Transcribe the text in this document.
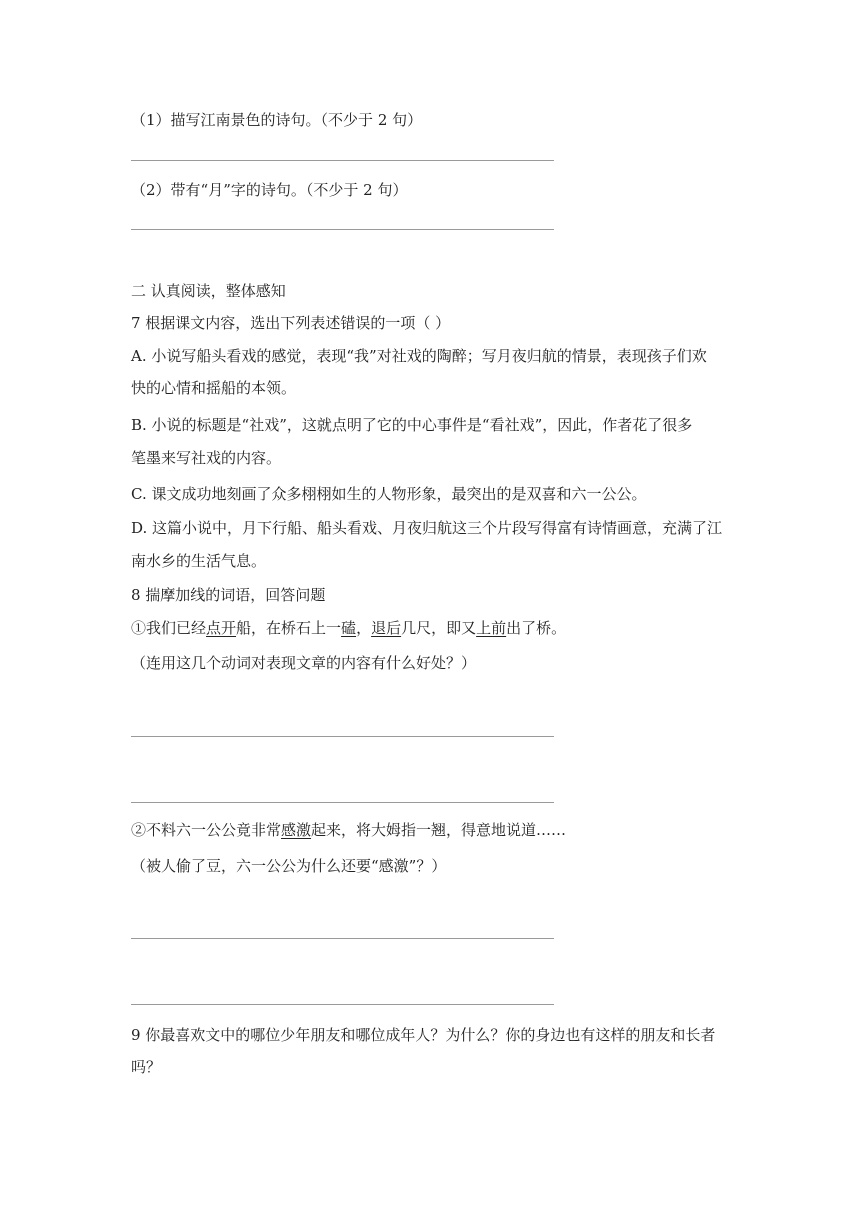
（1）描写江南景色的诗句。（不少于 2 句）
（2）带有“月”字的诗句。（不少于 2 句）
二 认真阅读，整体感知
7 根据课文内容，选出下列表述错误的一项（ ）
A. 小说写船头看戏的感觉，表现“我”对社戏的陶醉；写月夜归航的情景，表现孩子们欢
快的心情和摇船的本领。
B. 小说的标题是“社戏”，这就点明了它的中心事件是“看社戏”，因此，作者花了很多
笔墨来写社戏的内容。
C. 课文成功地刻画了众多栩栩如生的人物形象，最突出的是双喜和六一公公。
D. 这篇小说中，月下行船、船头看戏、月夜归航这三个片段写得富有诗情画意，充满了江
南水乡的生活气息。
8 揣摩加线的词语，回答问题
①我们已经点开船，在桥石上一磕，退后几尺，即又上前出了桥。
（连用这几个动词对表现文章的内容有什么好处？）
②不料六一公公竟非常感激起来，将大姆指一翘，得意地说道……
（被人偷了豆，六一公公为什么还要“感激”？）
9 你最喜欢文中的哪位少年朋友和哪位成年人？为什么？你的身边也有这样的朋友和长者
吗？
